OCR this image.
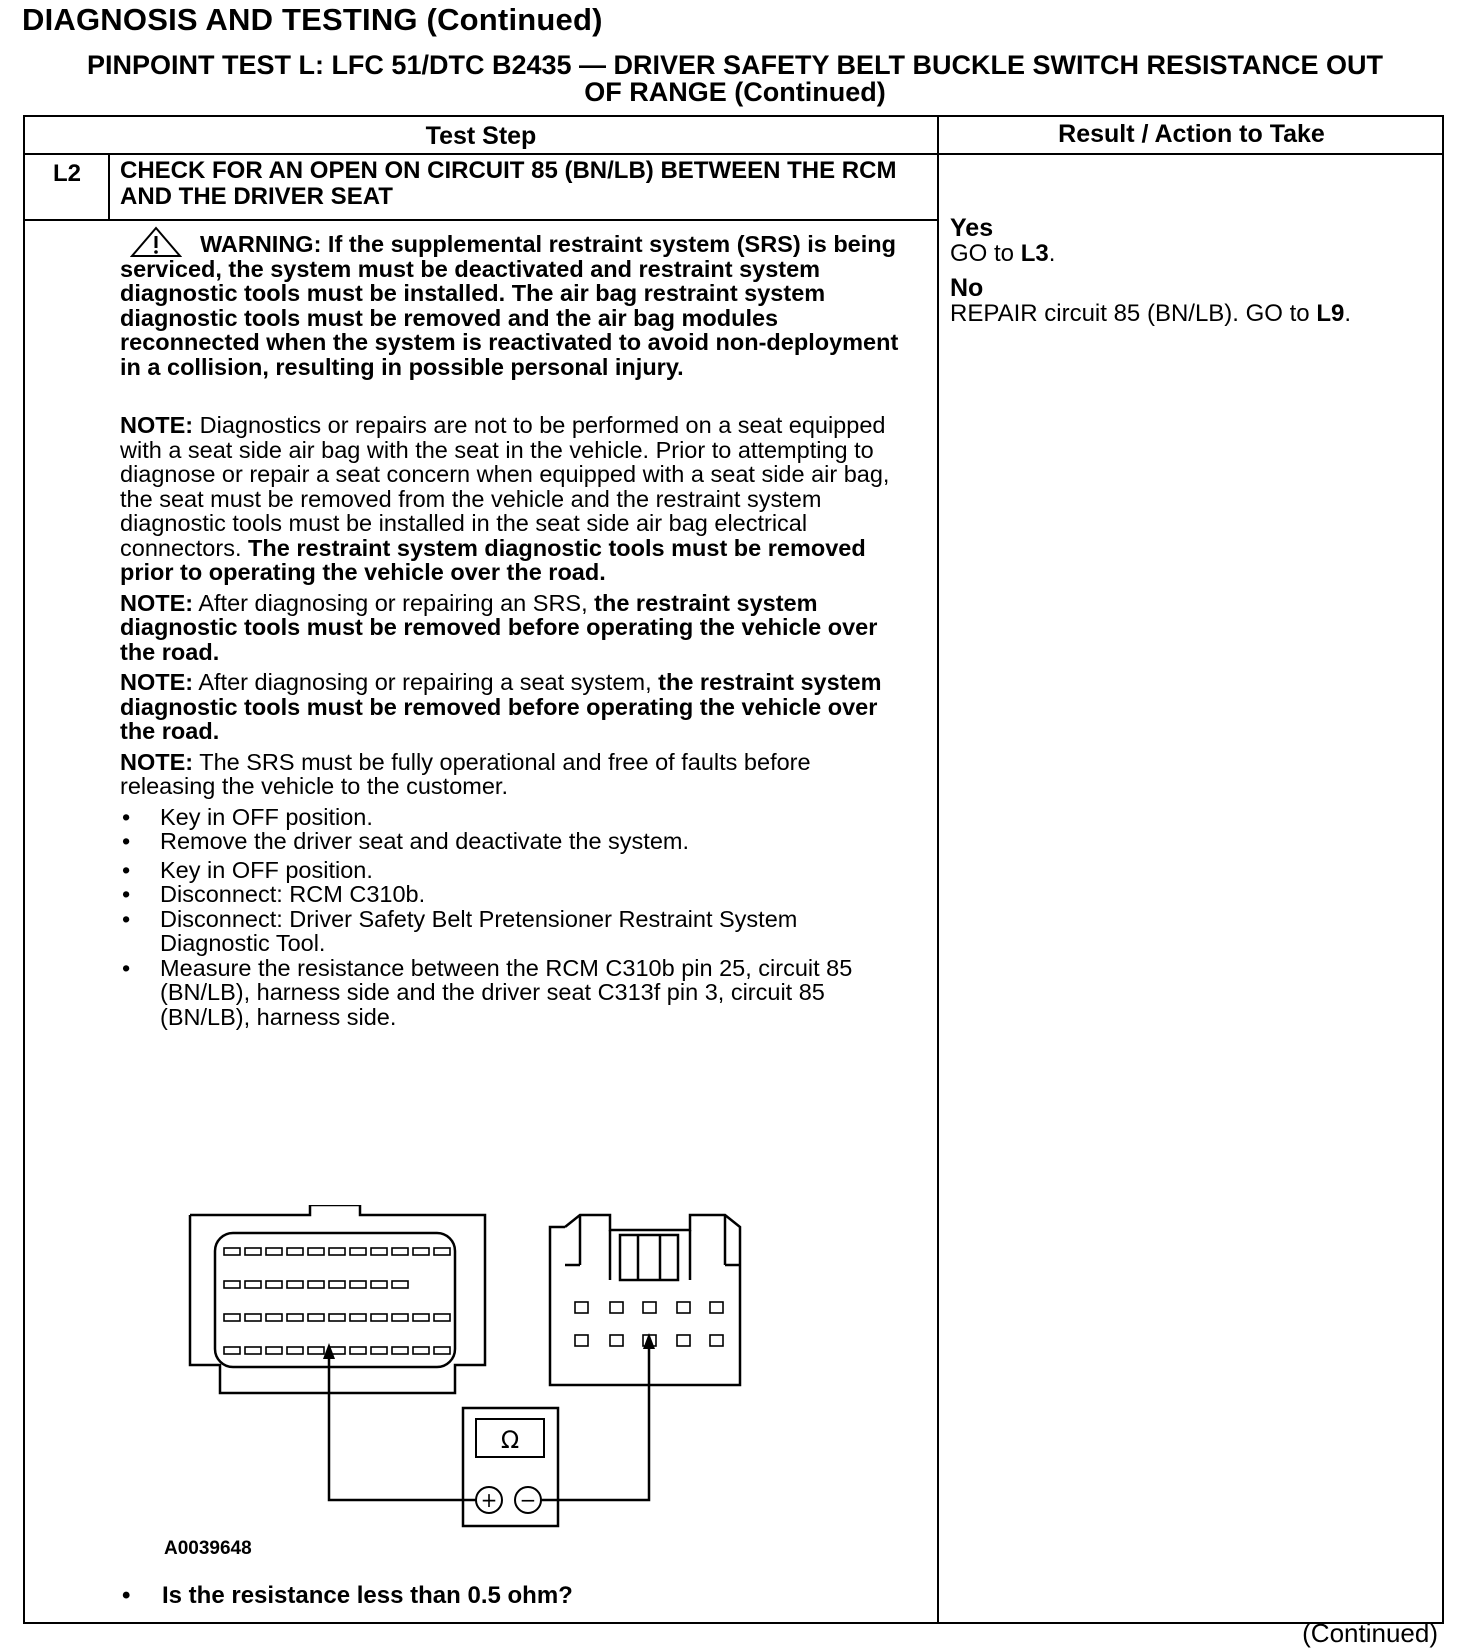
DIAGNOSIS AND TESTING (Continued)
PINPOINT TEST L: LFC 51/DTC B2435 — DRIVER SAFETY BELT BUCKLE SWITCH RESISTANCE OUT
OF RANGE (Continued)
Test Step	Result / Action to Take
L2	CHECK FOR AN OPEN ON CIRCUIT 85 (BN/LB) BETWEEN THE RCM AND THE DRIVER SEAT
WARNING: If the supplemental restraint system (SRS) is being serviced, the system must be deactivated and restraint system diagnostic tools must be installed. The air bag restraint system diagnostic tools must be removed and the air bag modules reconnected when the system is reactivated to avoid non-deployment in a collision, resulting in possible personal injury.

NOTE: Diagnostics or repairs are not to be performed on a seat equipped with a seat side air bag with the seat in the vehicle. Prior to attempting to diagnose or repair a seat concern when equipped with a seat side air bag, the seat must be removed from the vehicle and the restraint system diagnostic tools must be installed in the seat side air bag electrical connectors. The restraint system diagnostic tools must be removed prior to operating the vehicle over the road.

NOTE: After diagnosing or repairing an SRS, the restraint system diagnostic tools must be removed before operating the vehicle over the road.

NOTE: After diagnosing or repairing a seat system, the restraint system diagnostic tools must be removed before operating the vehicle over the road.

NOTE: The SRS must be fully operational and free of faults before releasing the vehicle to the customer.

• Key in OFF position.
• Remove the driver seat and deactivate the system.
• Key in OFF position.
• Disconnect: RCM C310b.
• Disconnect: Driver Safety Belt Pretensioner Restraint System Diagnostic Tool.
• Measure the resistance between the RCM C310b pin 25, circuit 85 (BN/LB), harness side and the driver seat C313f pin 3, circuit 85 (BN/LB), harness side.
Ω
+ −
A0039648
• Is the resistance less than 0.5 ohm?
Yes
GO to L3.
No
REPAIR circuit 85 (BN/LB). GO to L9.
(Continued)
